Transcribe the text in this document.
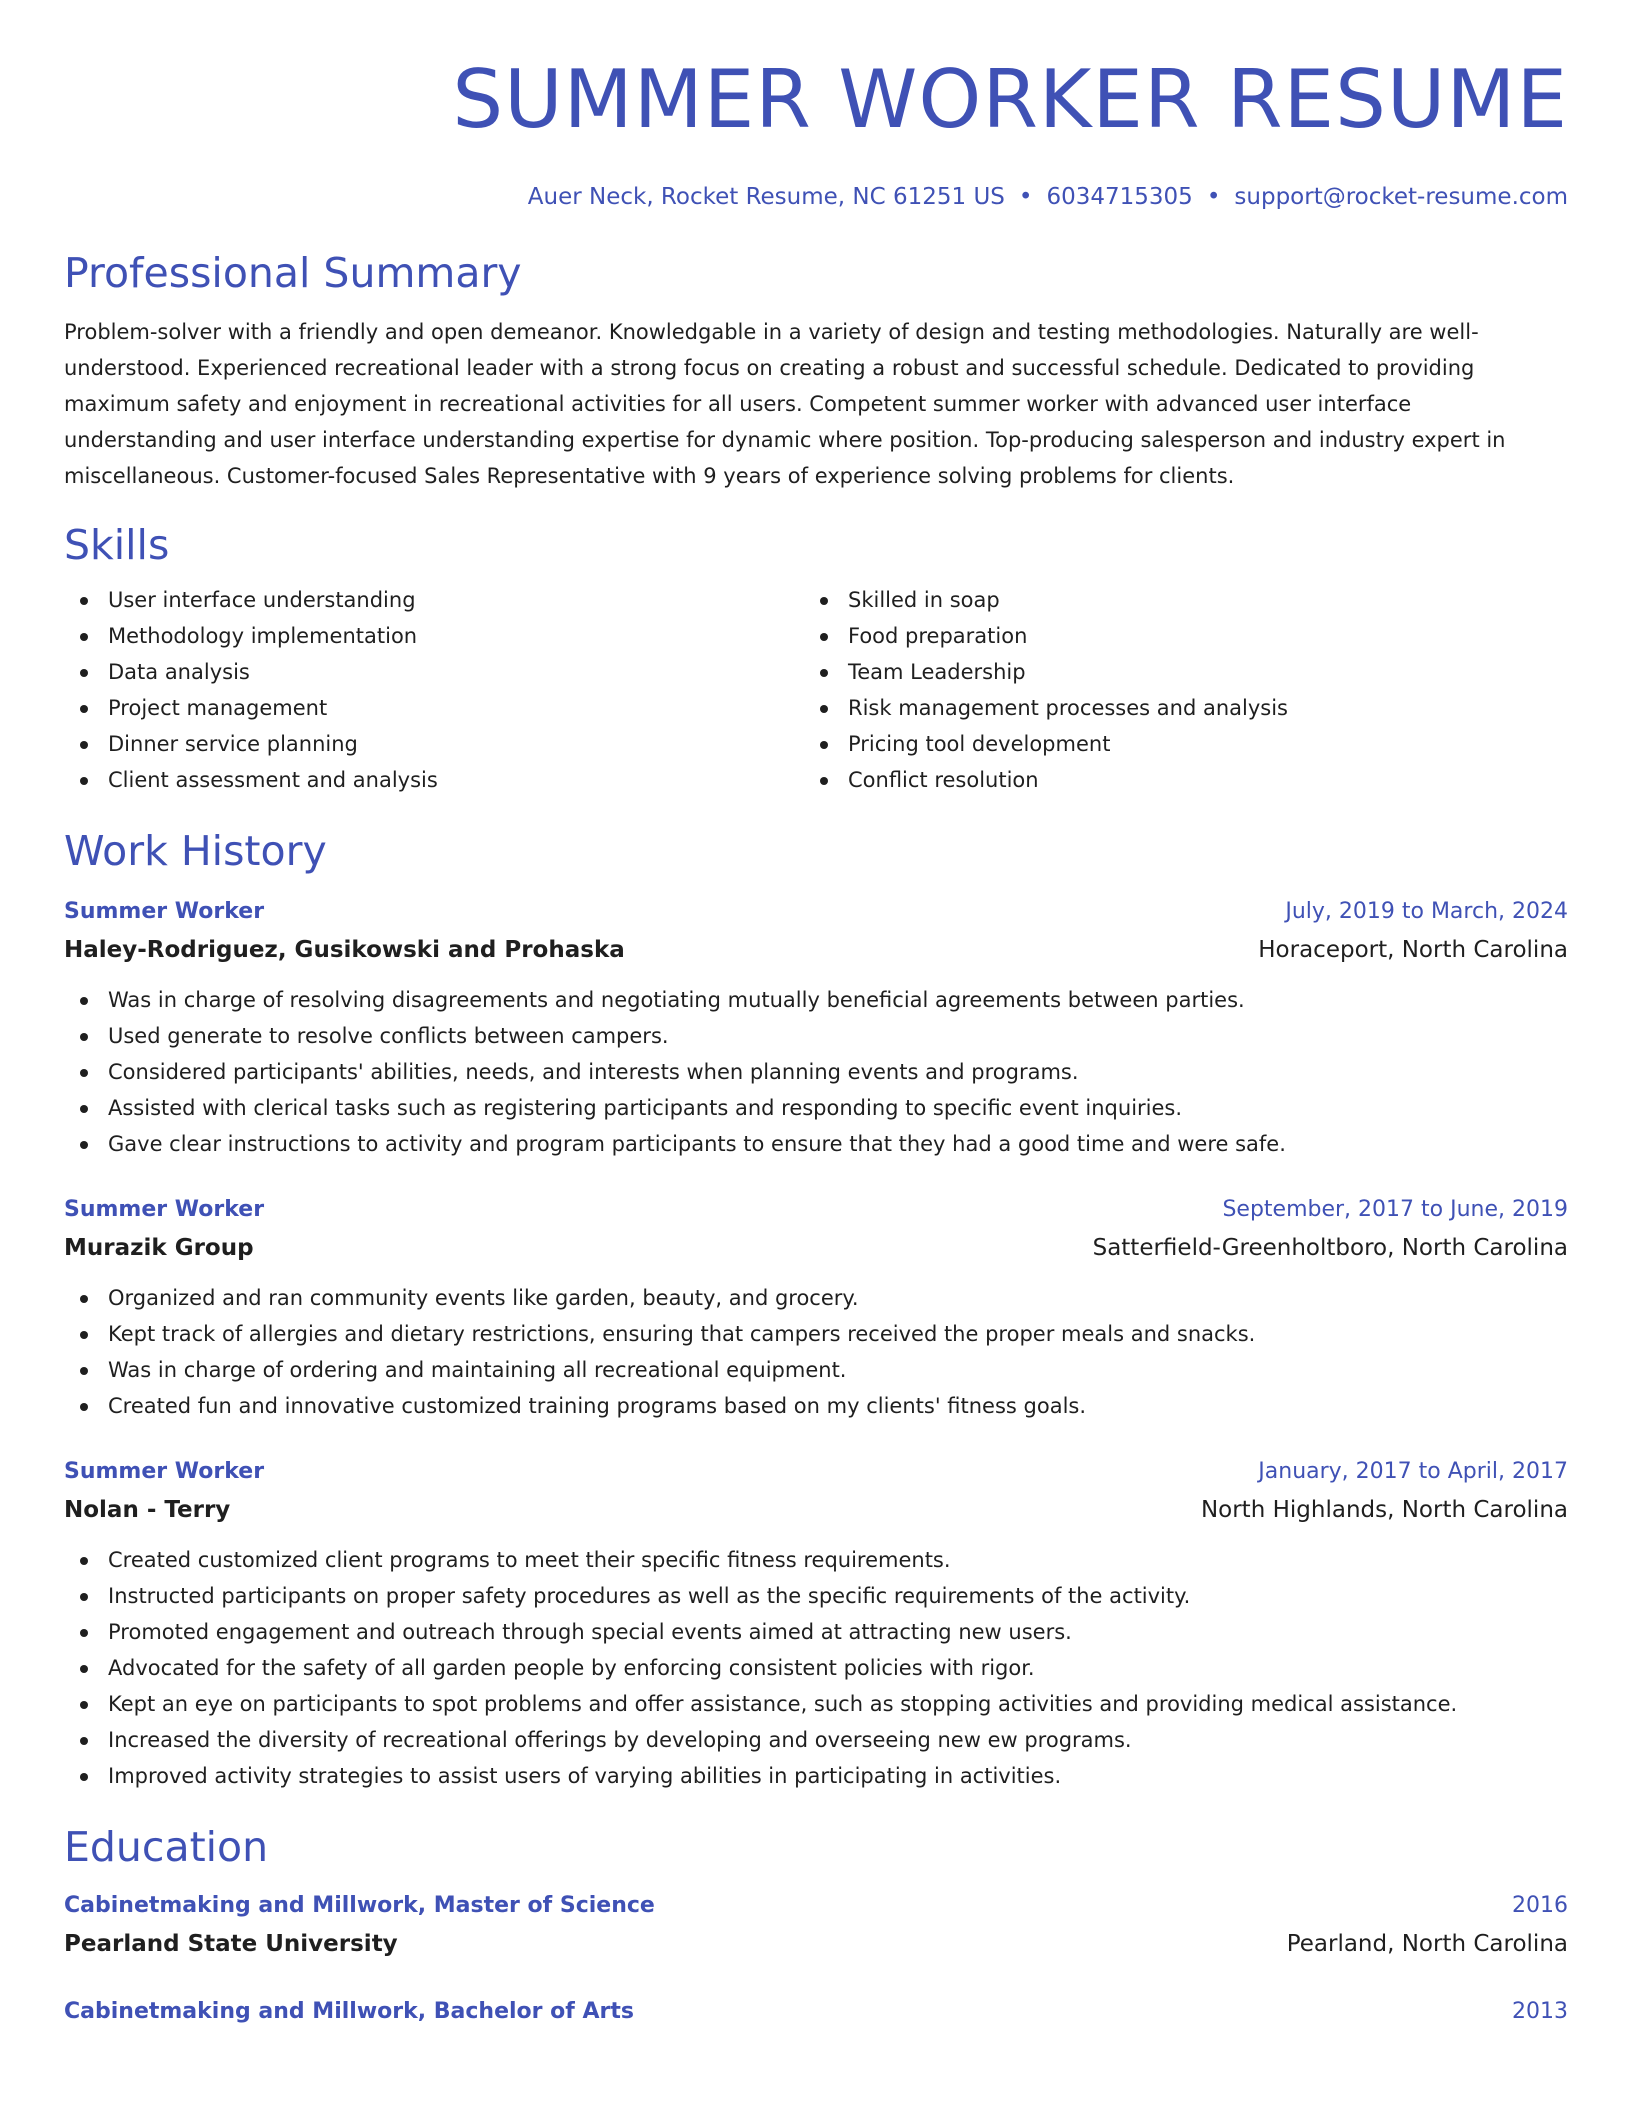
SUMMER WORKER RESUME
Auer Neck, Rocket Resume, NC 61251 US • 6034715305 • support@rocket-resume.com
Professional Summary

Problem-solver with a friendly and open demeanor. Knowledgable in a variety of design and testing methodologies. Naturally are well-understood. Experienced recreational leader with a strong focus on creating a robust and successful schedule. Dedicated to providing maximum safety and enjoyment in recreational activities for all users. Competent summer worker with advanced user interface understanding and user interface understanding expertise for dynamic where position. Top-producing salesperson and industry expert in miscellaneous. Customer-focused Sales Representative with 9 years of experience solving problems for clients.

Skills
User interface understanding
Methodology implementation
Data analysis
Project management
Dinner service planning
Client assessment and analysis
Skilled in soap
Food preparation
Team Leadership
Risk management processes and analysis
Pricing tool development
Conflict resolution
Work History
Summer Worker	July, 2019 to March, 2024
Haley-Rodriguez, Gusikowski and Prohaska	Horaceport, North Carolina
Was in charge of resolving disagreements and negotiating mutually beneficial agreements between parties.
Used generate to resolve conflicts between campers.
Considered participants' abilities, needs, and interests when planning events and programs.
Assisted with clerical tasks such as registering participants and responding to specific event inquiries.
Gave clear instructions to activity and program participants to ensure that they had a good time and were safe.
Summer Worker	September, 2017 to June, 2019
Murazik Group	Satterfield-Greenholtboro, North Carolina
Organized and ran community events like garden, beauty, and grocery.
Kept track of allergies and dietary restrictions, ensuring that campers received the proper meals and snacks.
Was in charge of ordering and maintaining all recreational equipment.
Created fun and innovative customized training programs based on my clients' fitness goals.
Summer Worker	January, 2017 to April, 2017
Nolan - Terry	North Highlands, North Carolina
Created customized client programs to meet their specific fitness requirements.
Instructed participants on proper safety procedures as well as the specific requirements of the activity.
Promoted engagement and outreach through special events aimed at attracting new users.
Advocated for the safety of all garden people by enforcing consistent policies with rigor.
Kept an eye on participants to spot problems and offer assistance, such as stopping activities and providing medical assistance.
Increased the diversity of recreational offerings by developing and overseeing new ew programs.
Improved activity strategies to assist users of varying abilities in participating in activities.
Education
Cabinetmaking and Millwork, Master of Science	2016
Pearland State University	Pearland, North Carolina
Cabinetmaking and Millwork, Bachelor of Arts	2013
